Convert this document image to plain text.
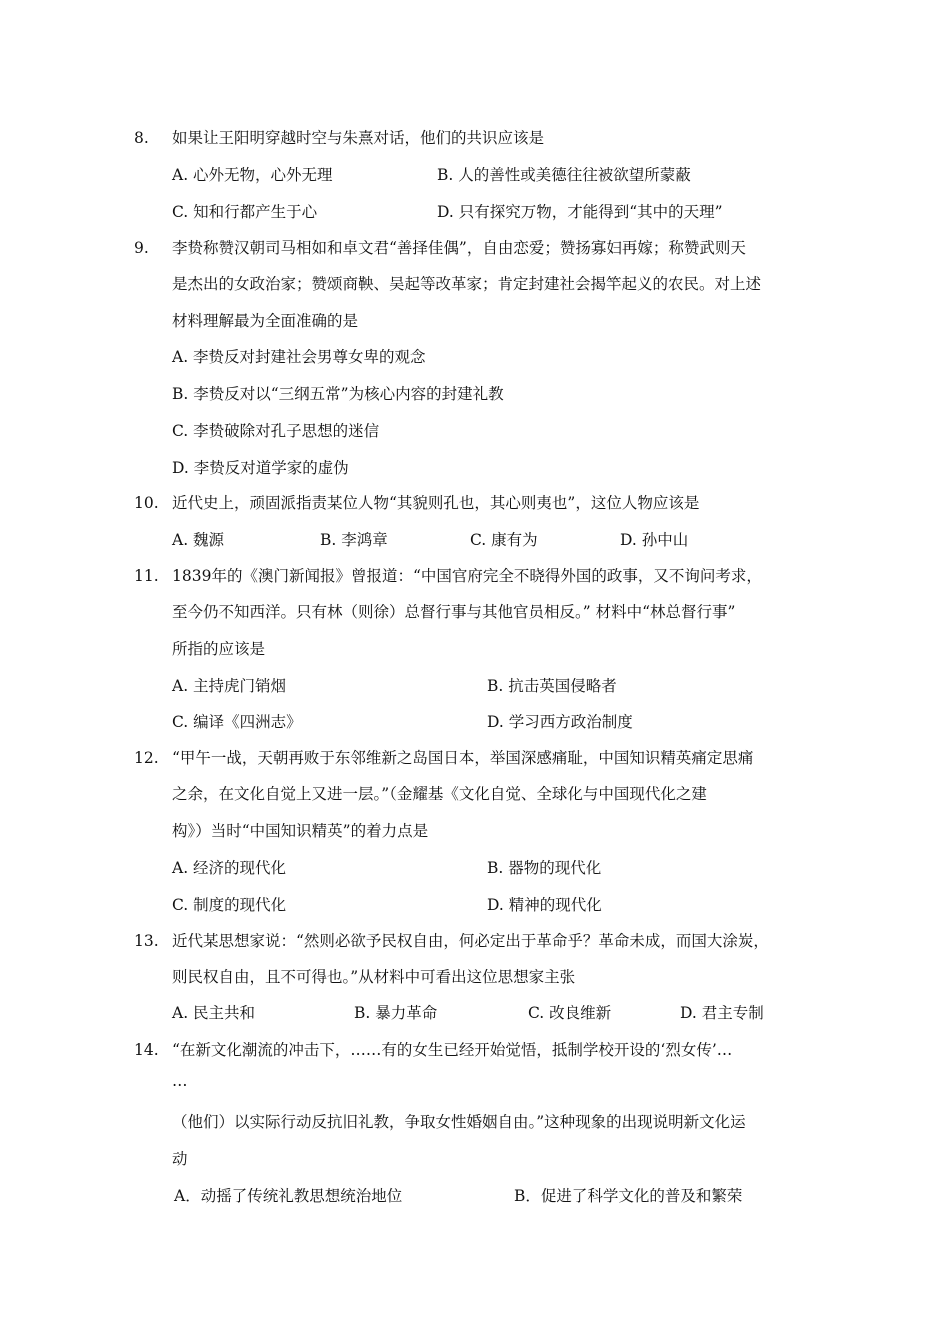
8. 如果让王阳明穿越时空与朱熹对话，他们的共识应该是
A. 心外无物，心外无理	B. 人的善性或美德往往被欲望所蒙蔽
C. 知和行都产生于心	D. 只有探究万物，才能得到“其中的天理”
9. 李贽称赞汉朝司马相如和卓文君“善择佳偶”，自由恋爱；赞扬寡妇再嫁；称赞武则天
是杰出的女政治家；赞颂商鞅、吴起等改革家；肯定封建社会揭竿起义的农民。对上述
材料理解最为全面准确的是
A. 李贽反对封建社会男尊女卑的观念
B. 李贽反对以“三纲五常”为核心内容的封建礼教
C. 李贽破除对孔子思想的迷信
D. 李贽反对道学家的虚伪
10. 近代史上，顽固派指责某位人物“其貌则孔也，其心则夷也”，这位人物应该是
A. 魏源	B. 李鸿章	C. 康有为	D. 孙中山
11. 1839年的《澳门新闻报》曾报道：“中国官府完全不晓得外国的政事，又不询问考求，
至今仍不知西洋。只有林（则徐）总督行事与其他官员相反。” 材料中“林总督行事”
所指的应该是
A. 主持虎门销烟	B. 抗击英国侵略者
C. 编译《四洲志》	D. 学习西方政治制度
12. “甲午一战，天朝再败于东邻维新之岛国日本，举国深感痛耻，中国知识精英痛定思痛
之余，在文化自觉上又进一层。”（金耀基《文化自觉、全球化与中国现代化之建
构》）当时“中国知识精英”的着力点是
A. 经济的现代化	B. 器物的现代化
C. 制度的现代化	D. 精神的现代化
13. 近代某思想家说：“然则必欲予民权自由，何必定出于革命乎？革命未成，而国大涂炭，
则民权自由，且不可得也。”从材料中可看出这位思想家主张
A. 民主共和	B. 暴力革命	C. 改良维新	D. 君主专制
14. “在新文化潮流的冲击下，……有的女生已经开始觉悟，抵制学校开设的‘烈女传’…
…
（他们）以实际行动反抗旧礼教，争取女性婚姻自由。”这种现象的出现说明新文化运
动
A．动摇了传统礼教思想统治地位	B．促进了科学文化的普及和繁荣
